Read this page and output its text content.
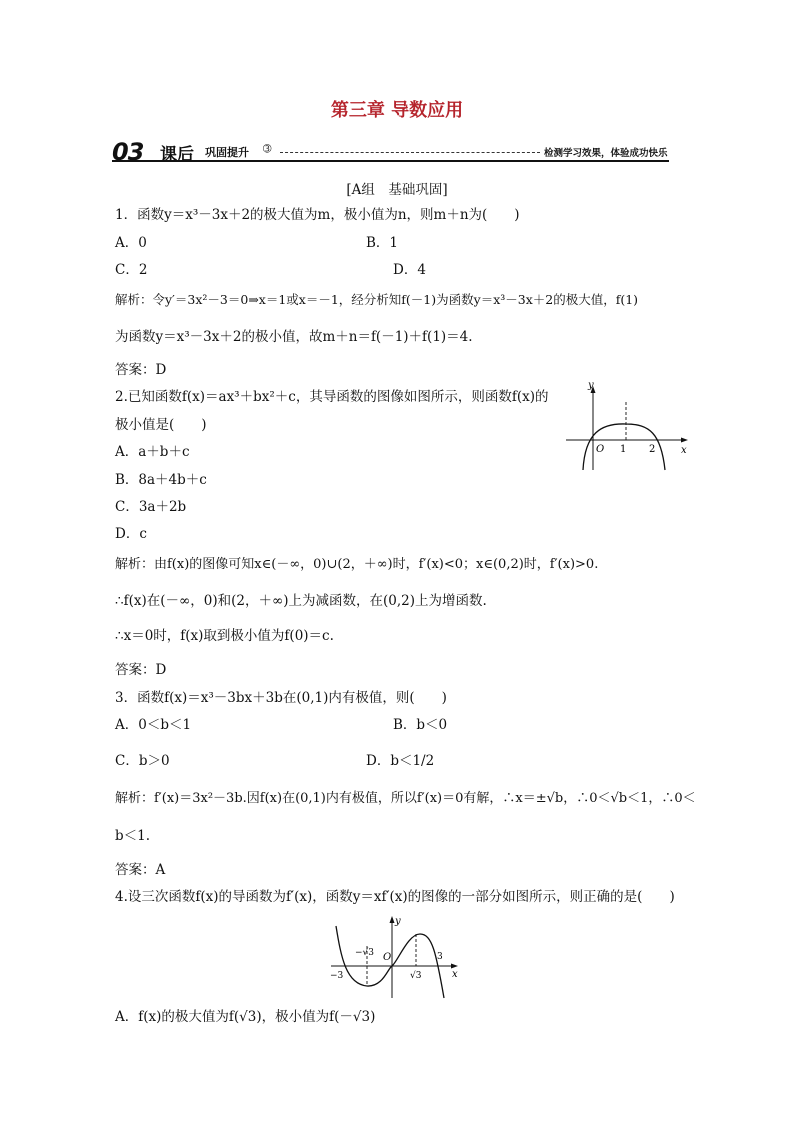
第三章 导数应用
03 课后 巩固提升 ➂	检测学习效果，体验成功快乐
[A组　基础巩固]
1．函数y＝x³－3x＋2的极大值为m，极小值为n，则m＋n为(　　)
A．0	B．1
C．2	D．4
解析：令y′＝3x²－3＝0⇒x＝1或x＝－1，经分析知f(－1)为函数y＝x³－3x＋2的极大值，f(1)
为函数y＝x³－3x＋2的极小值，故m＋n＝f(－1)＋f(1)＝4.
答案：D
2.已知函数f(x)＝ax³＋bx²＋c，其导函数的图像如图所示，则函数f(x)的
极小值是(　　)
A．a＋b＋c
B．8a＋4b＋c
C．3a＋2b
D．c
y
x
O 1 2
解析：由f(x)的图像可知x∈(－∞，0)∪(2，＋∞)时，f′(x)<0；x∈(0,2)时，f′(x)>0.
∴f(x)在(－∞，0)和(2，＋∞)上为减函数，在(0,2)上为增函数.
∴x＝0时，f(x)取到极小值为f(0)＝c.
答案：D
3．函数f(x)＝x³－3bx＋3b在(0,1)内有极值，则(　　)
A．0＜b＜1	B．b＜0
C．b＞0	D．b＜1/2
解析：f′(x)＝3x²－3b.因f(x)在(0,1)内有极值，所以f′(x)＝0有解，∴x＝±√b，∴0＜√b＜1，∴0＜
b＜1.
答案：A
4.设三次函数f(x)的导函数为f′(x)，函数y＝xf′(x)的图像的一部分如图所示，则正确的是(　　)
y
x
O
−√3
−3
3
√3
A．f(x)的极大值为f(√3)，极小值为f(－√3)
